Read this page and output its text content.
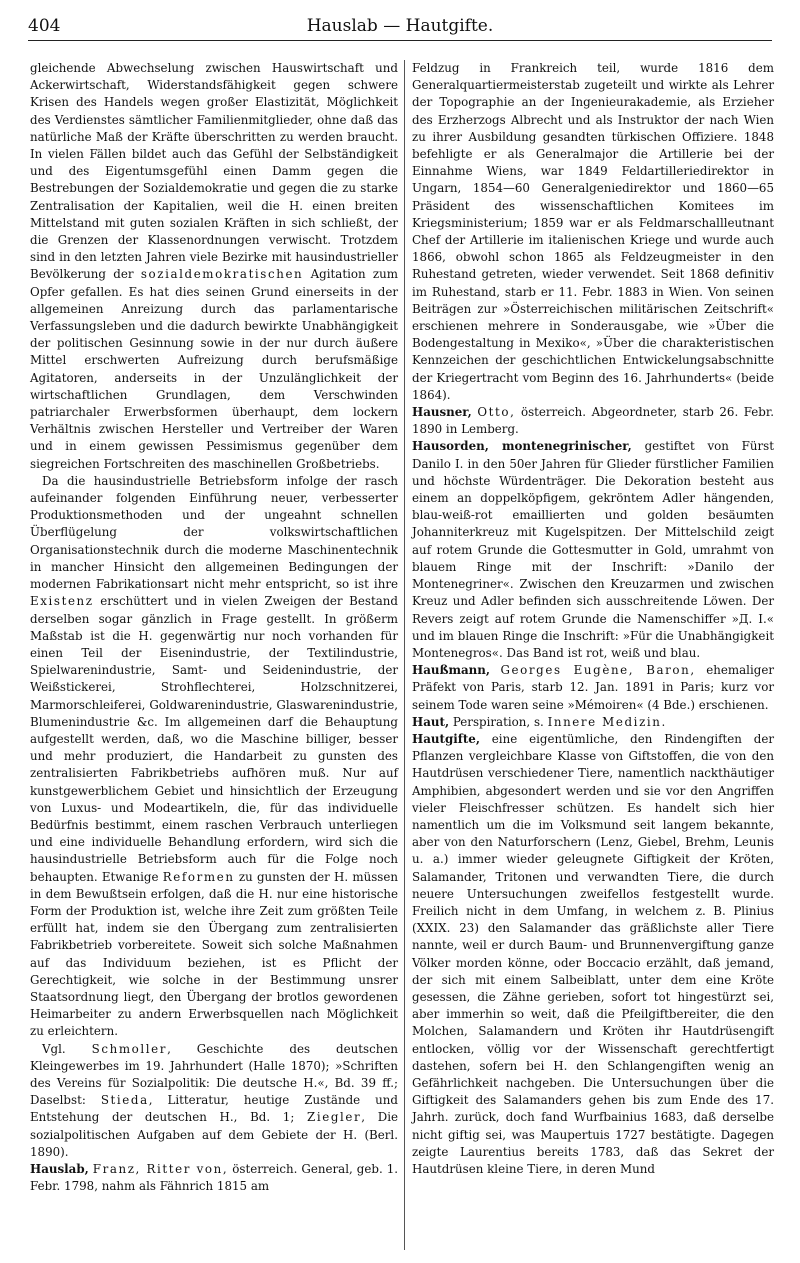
404	Hauslab — Hautgifte.

gleichende Abwechselung zwischen Hauswirtschaft und Ackerwirtschaft, Widerstandsfähigkeit gegen schwere Krisen des Handels wegen großer Elastizität, Möglichkeit des Verdienstes sämtlicher Familienmitglieder, ohne daß das natürliche Maß der Kräfte überschritten zu werden braucht. In vielen Fällen bildet auch das Gefühl der Selbständigkeit und des Eigentumsgefühl einen Damm gegen die Bestrebungen der Sozialdemokratie und gegen die zu starke Zentralisation der Kapitalien, weil die H. einen breiten Mittelstand mit guten sozialen Kräften in sich schließt, der die Grenzen der Klassenordnungen verwischt. Trotzdem sind in den letzten Jahren viele Bezirke mit hausindustrieller Bevölkerung der sozialdemokratischen Agitation zum Opfer gefallen. Es hat dies seinen Grund einerseits in der allgemeinen Anreizung durch das parlamentarische Verfassungsleben und die dadurch bewirkte Unabhängigkeit der politischen Gesinnung sowie in der nur durch äußere Mittel erschwerten Aufreizung durch berufsmäßige Agitatoren, anderseits in der Unzulänglichkeit der wirtschaftlichen Grundlagen, dem Verschwinden patriarchaler Erwerbsformen überhaupt, dem lockern Verhältnis zwischen Hersteller und Vertreiber der Waren und in einem gewissen Pessimismus gegenüber dem siegreichen Fortschreiten des maschinellen Großbetriebs.

Da die hausindustrielle Betriebsform infolge der rasch aufeinander folgenden Einführung neuer, verbesserter Produktionsmethoden und der ungeahnt schnellen Überflügelung der volkswirtschaftlichen Organisationstechnik durch die moderne Maschinentechnik in mancher Hinsicht den allgemeinen Bedingungen der modernen Fabrikationsart nicht mehr entspricht, so ist ihre Existenz erschüttert und in vielen Zweigen der Bestand derselben sogar gänzlich in Frage gestellt. In größerm Maßstab ist die H. gegenwärtig nur noch vorhanden für einen Teil der Eisenindustrie, der Textilindustrie, Spielwarenindustrie, Samt- und Seidenindustrie, der Weißstickerei, Strohflechterei, Holzschnitzerei, Marmorschleiferei, Goldwarenindustrie, Glaswarenindustrie, Blumenindustrie &c. Im allgemeinen darf die Behauptung aufgestellt werden, daß, wo die Maschine billiger, besser und mehr produziert, die Handarbeit zu gunsten des zentralisierten Fabrikbetriebs aufhören muß. Nur auf kunstgewerblichem Gebiet und hinsichtlich der Erzeugung von Luxus- und Modeartikeln, die, für das individuelle Bedürfnis bestimmt, einem raschen Verbrauch unterliegen und eine individuelle Behandlung erfordern, wird sich die hausindustrielle Betriebsform auch für die Folge noch behaupten. Etwanige Reformen zu gunsten der H. müssen in dem Bewußtsein erfolgen, daß die H. nur eine historische Form der Produktion ist, welche ihre Zeit zum größten Teile erfüllt hat, indem sie den Übergang zum zentralisierten Fabrikbetrieb vorbereitete. Soweit sich solche Maßnahmen auf das Individuum beziehen, ist es Pflicht der Gerechtigkeit, wie solche in der Bestimmung unsrer Staatsordnung liegt, den Übergang der brotlos gewordenen Heimarbeiter zu andern Erwerbsquellen nach Möglichkeit zu erleichtern.

Vgl. Schmoller, Geschichte des deutschen Kleingewerbes im 19. Jahrhundert (Halle 1870); »Schriften des Vereins für Sozialpolitik: Die deutsche H.«, Bd. 39 ff.; Daselbst: Stieda, Litteratur, heutige Zustände und Entstehung der deutschen H., Bd. 1; Ziegler, Die sozialpolitischen Aufgaben auf dem Gebiete der H. (Berl. 1890).

Hauslab, Franz, Ritter von, österreich. General, geb. 1. Febr. 1798, nahm als Fähnrich 1815 am

Feldzug in Frankreich teil, wurde 1816 dem Generalquartiermeisterstab zugeteilt und wirkte als Lehrer der Topographie an der Ingenieurakademie, als Erzieher des Erzherzogs Albrecht und als Instruktor der nach Wien zu ihrer Ausbildung gesandten türkischen Offiziere. 1848 befehligte er als Generalmajor die Artillerie bei der Einnahme Wiens, war 1849 Feldartilleriedirektor in Ungarn, 1854—60 Generalgeniedirektor und 1860—65 Präsident des wissenschaftlichen Komitees im Kriegsministerium; 1859 war er als Feldmarschallleutnant Chef der Artillerie im italienischen Kriege und wurde auch 1866, obwohl schon 1865 als Feldzeugmeister in den Ruhestand getreten, wieder verwendet. Seit 1868 definitiv im Ruhestand, starb er 11. Febr. 1883 in Wien. Von seinen Beiträgen zur »Österreichischen militärischen Zeitschrift« erschienen mehrere in Sonderausgabe, wie »Über die Bodengestaltung in Mexiko«, »Über die charakteristischen Kennzeichen der geschichtlichen Entwickelungsabschnitte der Kriegertracht vom Beginn des 16. Jahrhunderts« (beide 1864).

Hausner, Otto, österreich. Abgeordneter, starb 26. Febr. 1890 in Lemberg.

Hausorden, montenegrinischer, gestiftet von Fürst Danilo I. in den 50er Jahren für Glieder fürstlicher Familien und höchste Würdenträger. Die Dekoration besteht aus einem an doppelköpfigem, gekröntem Adler hängenden, blau-weiß-rot emaillierten und golden besäumten Johanniterkreuz mit Kugelspitzen. Der Mittelschild zeigt auf rotem Grunde die Gottesmutter in Gold, umrahmt von blauem Ringe mit der Inschrift: »Danilo der Montenegriner«. Zwischen den Kreuzarmen und zwischen Kreuz und Adler befinden sich ausschreitende Löwen. Der Revers zeigt auf rotem Grunde die Namenschiffer »Д. I.« und im blauen Ringe die Inschrift: »Für die Unabhängigkeit Montenegros«. Das Band ist rot, weiß und blau.

Haußmann, Georges Eugène, Baron, ehemaliger Präfekt von Paris, starb 12. Jan. 1891 in Paris; kurz vor seinem Tode waren seine »Mémoiren« (4 Bde.) erschienen.

Haut, Perspiration, s. Innere Medizin.

Hautgifte, eine eigentümliche, den Rindengiften der Pflanzen vergleichbare Klasse von Giftstoffen, die von den Hautdrüsen verschiedener Tiere, namentlich nackthäutiger Amphibien, abgesondert werden und sie vor den Angriffen vieler Fleischfresser schützen. Es handelt sich hier namentlich um die im Volksmund seit langem bekannte, aber von den Naturforschern (Lenz, Giebel, Brehm, Leunis u. a.) immer wieder geleugnete Giftigkeit der Kröten, Salamander, Tritonen und verwandten Tiere, die durch neuere Untersuchungen zweifellos festgestellt wurde. Freilich nicht in dem Umfang, in welchem z. B. Plinius (XXIX. 23) den Salamander das gräßlichste aller Tiere nannte, weil er durch Baum- und Brunnenvergiftung ganze Völker morden könne, oder Boccacio erzählt, daß jemand, der sich mit einem Salbeiblatt, unter dem eine Kröte gesessen, die Zähne gerieben, sofort tot hingestürzt sei, aber immerhin so weit, daß die Pfeilgiftbereiter, die den Molchen, Salamandern und Kröten ihr Hautdrüsengift entlocken, völlig vor der Wissenschaft gerechtfertigt dastehen, sofern bei H. den Schlangengiften wenig an Gefährlichkeit nachgeben. Die Untersuchungen über die Giftigkeit des Salamanders gehen bis zum Ende des 17. Jahrh. zurück, doch fand Wurfbainius 1683, daß derselbe nicht giftig sei, was Maupertuis 1727 bestätigte. Dagegen zeigte Laurentius bereits 1783, daß das Sekret der Hautdrüsen kleine Tiere, in deren Mund
